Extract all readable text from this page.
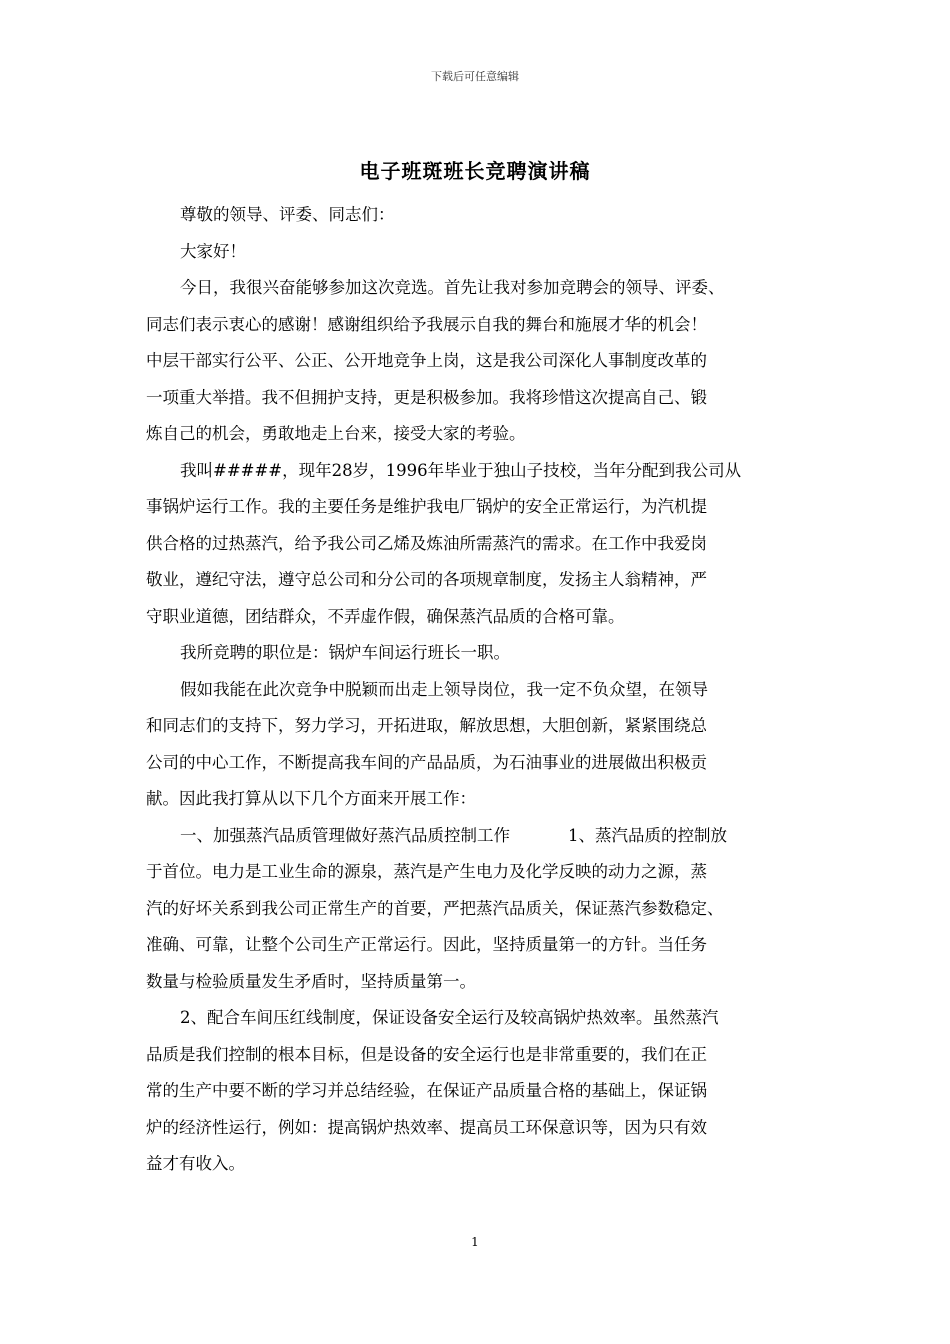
下载后可任意编辑
电子班斑班长竞聘演讲稿
尊敬的领导、评委、同志们：
大家好！
今日，我很兴奋能够参加这次竞选。首先让我对参加竞聘会的领导、评委、
同志们表示衷心的感谢！感谢组织给予我展示自我的舞台和施展才华的机会！
中层干部实行公平、公正、公开地竞争上岗，这是我公司深化人事制度改革的
一项重大举措。我不但拥护支持，更是积极参加。我将珍惜这次提高自己、锻
炼自己的机会，勇敢地走上台来，接受大家的考验。
我叫#####，现年28岁，1996年毕业于独山子技校，当年分配到我公司从
事锅炉运行工作。我的主要任务是维护我电厂锅炉的安全正常运行，为汽机提
供合格的过热蒸汽，给予我公司乙烯及炼油所需蒸汽的需求。在工作中我爱岗
敬业，遵纪守法，遵守总公司和分公司的各项规章制度，发扬主人翁精神，严
守职业道德，团结群众，不弄虚作假，确保蒸汽品质的合格可靠。
我所竞聘的职位是：锅炉车间运行班长一职。
假如我能在此次竞争中脱颖而出走上领导岗位，我一定不负众望，在领导
和同志们的支持下，努力学习，开拓进取，解放思想，大胆创新，紧紧围绕总
公司的中心工作，不断提高我车间的产品品质，为石油事业的进展做出积极贡
献。因此我打算从以下几个方面来开展工作：
一、加强蒸汽品质管理做好蒸汽品质控制工作	1、蒸汽品质的控制放
于首位。电力是工业生命的源泉，蒸汽是产生电力及化学反映的动力之源，蒸
汽的好坏关系到我公司正常生产的首要，严把蒸汽品质关，保证蒸汽参数稳定、
准确、可靠，让整个公司生产正常运行。因此，坚持质量第一的方针。当任务
数量与检验质量发生矛盾时，坚持质量第一。
2、配合车间压红线制度，保证设备安全运行及较高锅炉热效率。虽然蒸汽
品质是我们控制的根本目标，但是设备的安全运行也是非常重要的，我们在正
常的生产中要不断的学习并总结经验，在保证产品质量合格的基础上，保证锅
炉的经济性运行，例如：提高锅炉热效率、提高员工环保意识等，因为只有效
益才有收入。
1
